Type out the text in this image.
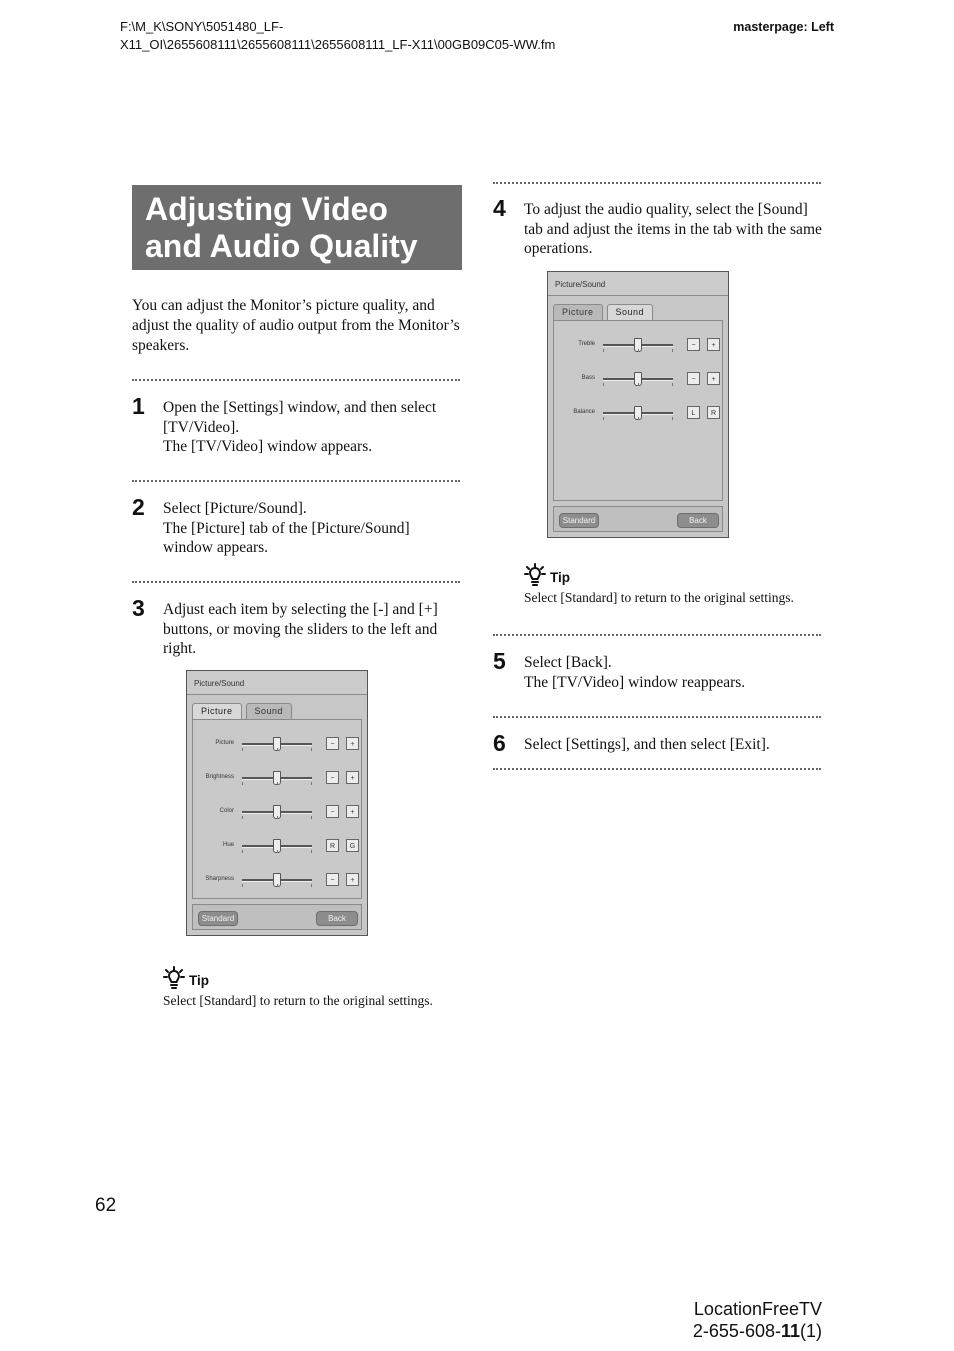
F:\M_K\SONY\5051480_LF-
X11_OI\2655608111\2655608111\2655608111_LF-X11\00GB09C05-WW.fm
masterpage: Left
Adjusting Video
and Audio Quality
You can adjust the Monitor’s picture quality, and adjust the quality of audio output from the Monitor’s speakers.
1 Open the [Settings] window, and then select [TV/Video].
The [TV/Video] window appears.
2 Select [Picture/Sound].
The [Picture] tab of the [Picture/Sound] window appears.
3 Adjust each item by selecting the [-] and [+] buttons, or moving the sliders to the left and right.
4 To adjust the audio quality, select the [Sound] tab and adjust the items in the tab with the same operations.
5 Select [Back].
The [TV/Video] window reappears.
6 Select [Settings], and then select [Exit].
Picture/Sound
Picture	Sound
Picture	−	+
Brightness	−	+
Color	−	+
Hue	R	G
Sharpness	−	+
Standard	Back
Picture/Sound
Picture	Sound
Treble	−	+
Bass	−	+
Balance	L	R
Standard	Back
Tip
Select [Standard] to return to the original settings.
Tip
Select [Standard] to return to the original settings.
62
LocationFreeTV
2-655-608-11(1)
